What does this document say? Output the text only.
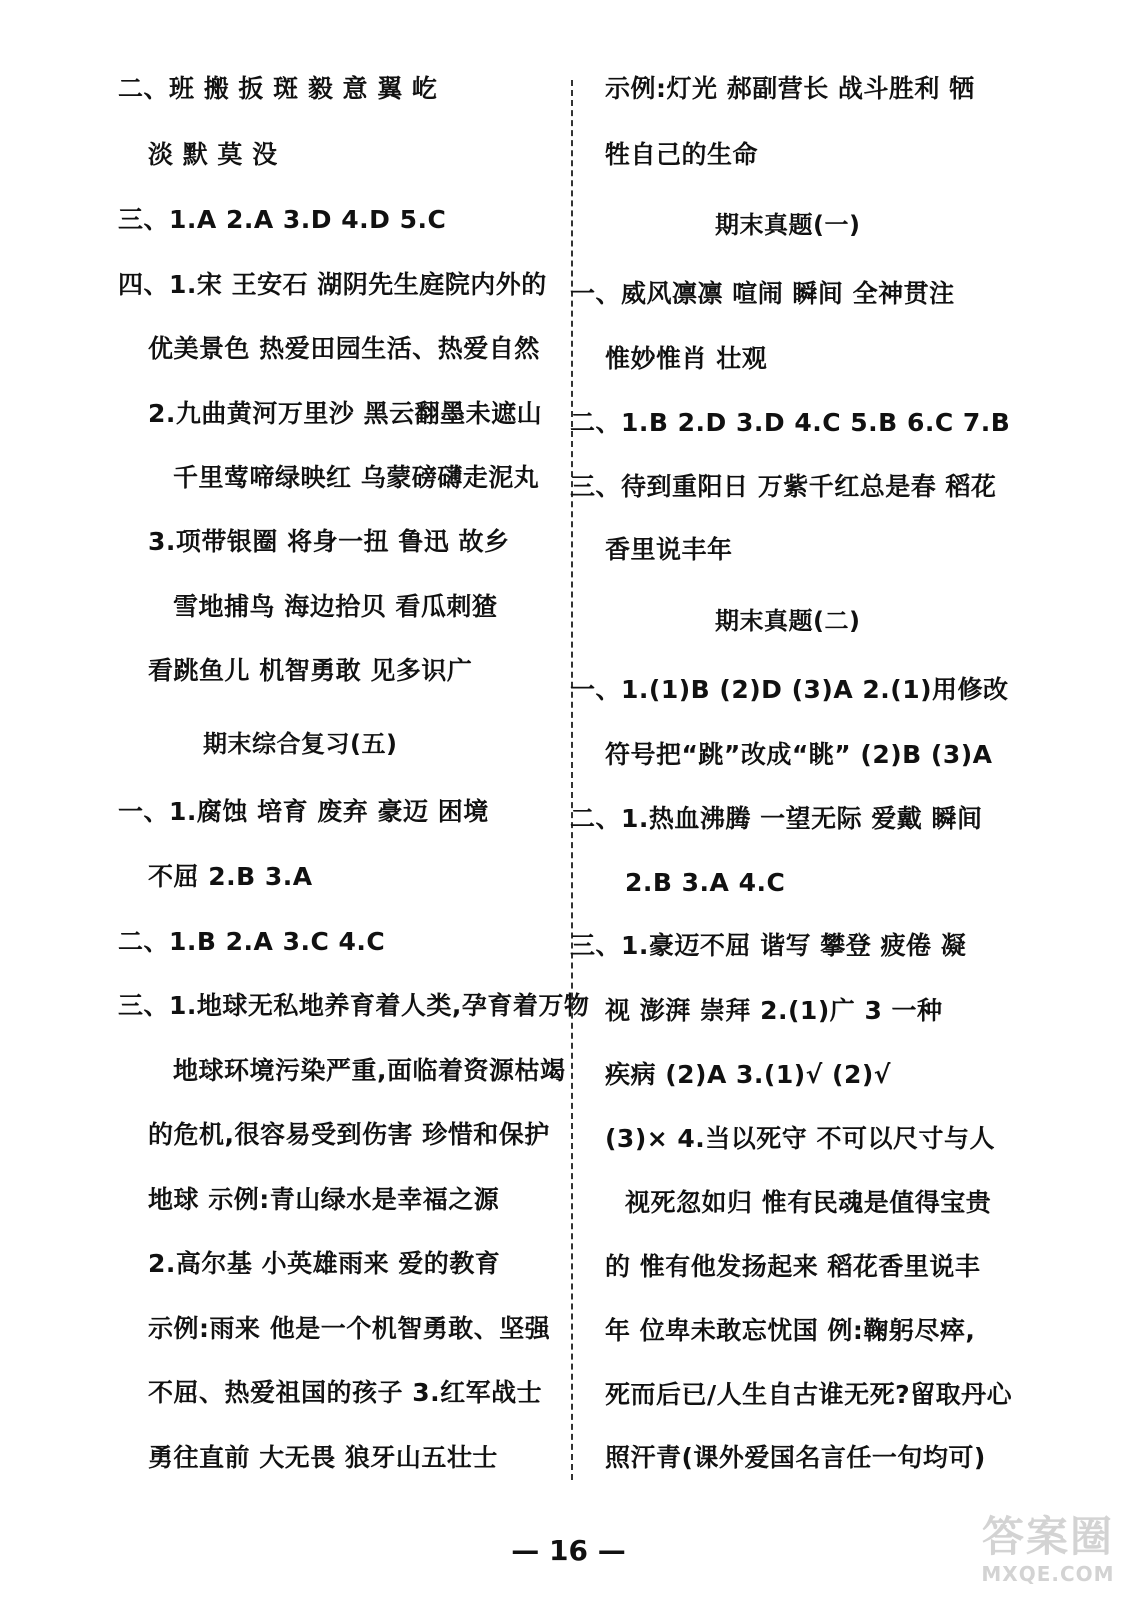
二、班 搬 扳 斑 毅 意 翼 屹
淡 默 莫 没
三、1.A 2.A 3.D 4.D 5.C
四、1.宋 王安石 湖阴先生庭院内外的
优美景色 热爱田园生活、热爱自然
2.九曲黄河万里沙 黑云翻墨未遮山
千里莺啼绿映红 乌蒙磅礴走泥丸
3.项带银圈 将身一扭 鲁迅 故乡
雪地捕鸟 海边拾贝 看瓜刺猹
看跳鱼儿 机智勇敢 见多识广
期末综合复习(五)
一、1.腐蚀 培育 废弃 豪迈 困境
不屈 2.B 3.A
二、1.B 2.A 3.C 4.C
三、1.地球无私地养育着人类,孕育着万物
地球环境污染严重,面临着资源枯竭
的危机,很容易受到伤害 珍惜和保护
地球 示例:青山绿水是幸福之源
2.高尔基 小英雄雨来 爱的教育
示例:雨来 他是一个机智勇敢、坚强
不屈、热爱祖国的孩子 3.红军战士
勇往直前 大无畏 狼牙山五壮士
示例:灯光 郝副营长 战斗胜利 牺
牲自己的生命
期末真题(一)
一、威风凛凛 喧闹 瞬间 全神贯注
惟妙惟肖 壮观
二、1.B 2.D 3.D 4.C 5.B 6.C 7.B
三、待到重阳日 万紫千红总是春 稻花
香里说丰年
期末真题(二)
一、1.(1)B (2)D (3)A 2.(1)用修改
符号把“跳”改成“眺” (2)B (3)A
二、1.热血沸腾 一望无际 爱戴 瞬间
2.B 3.A 4.C
三、1.豪迈不屈 谐写 攀登 疲倦 凝
视 澎湃 崇拜 2.(1)广 3 一种
疾病 (2)A 3.(1)√ (2)√
(3)× 4.当以死守 不可以尺寸与人
视死忽如归 惟有民魂是值得宝贵
的 惟有他发扬起来 稻花香里说丰
年 位卑未敢忘忧国 例:鞠躬尽瘁,
死而后已/人生自古谁无死?留取丹心
照汗青(课外爱国名言任一句均可)
— 16 —	答案圈
MXQE.COM
